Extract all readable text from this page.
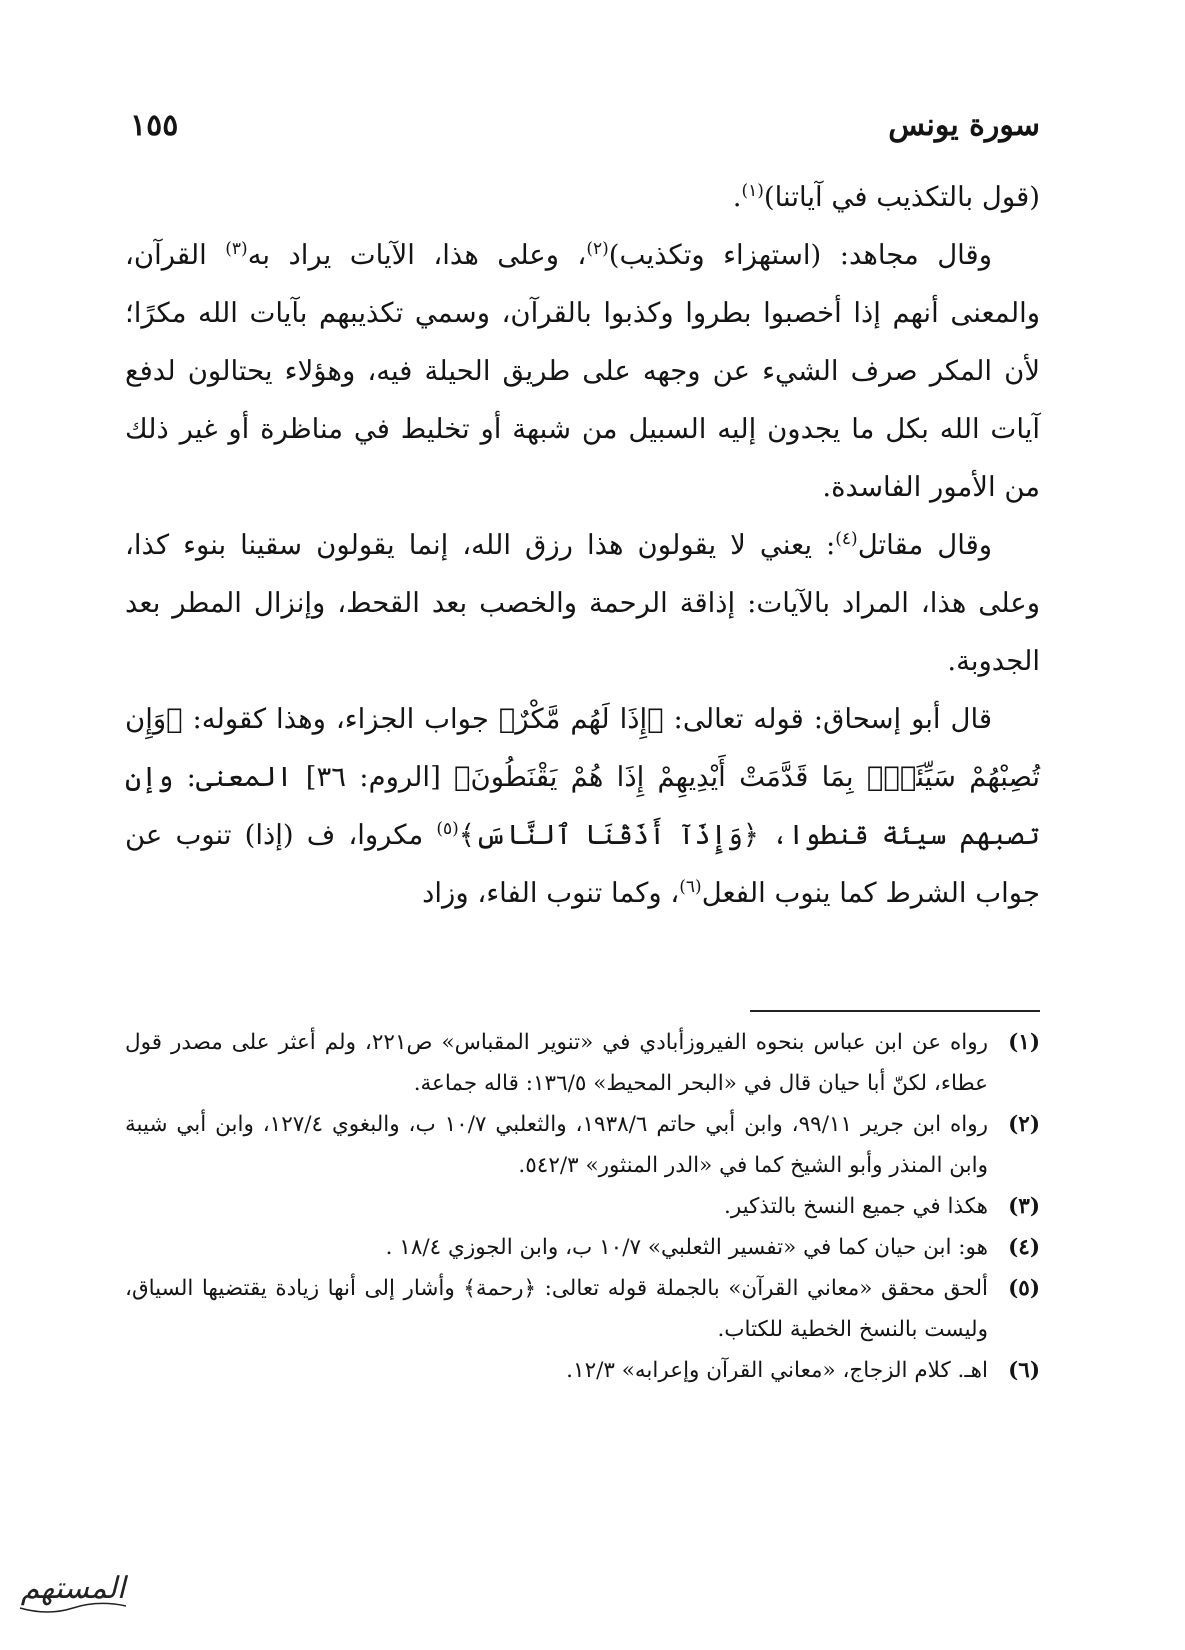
سورة يونس
١٥٥

(قول بالتكذيب في آياتنا)$^{(١)}$.

وقال مجاهد: (استهزاء وتكذيب)$^{(٢)}$، وعلى هذا، الآيات يراد به$^{(٣)}$ القرآن، والمعنى أنهم إذا أخصبوا بطروا وكذبوا بالقرآن، وسمي تكذيبهم بآيات الله مكرًا؛ لأن المكر صرف الشيء عن وجهه على طريق الحيلة فيه، وهؤلاء يحتالون لدفع آيات الله بكل ما يجدون إليه السبيل من شبهة أو تخليط في مناظرة أو غير ذلك من الأمور الفاسدة.

وقال مقاتل$^{(٤)}$: يعني لا يقولون هذا رزق الله، إنما يقولون سقينا بنوء كذا، وعلى هذا، المراد بالآيات: إذاقة الرحمة والخصب بعد القحط، وإنزال المطر بعد الجدوبة.

قال أبو إسحاق: قوله تعالى: ﴿إِذَا لَهُم مَّكْرٌ﴾ جواب الجزاء، وهذا كقوله: ﴿وَإِن تُصِبْهُمْ سَيِّئَةٌۢ بِمَا قَدَّمَتْ أَيْدِيهِمْ إِذَا هُمْ يَقْنَطُونَ﴾ [الروم: ٣٦] المعنى: وإن تصبهم سيئة قنطوا، ﴿وَإِذَآ أَذَقْنَا ٱلنَّاسَ﴾$^{(٥)}$ مكروا، ف (إذا) تنوب عن جواب الشرط كما ينوب الفعل$^{(٦)}$، وكما تنوب الفاء، وزاد

(١)
رواه عن ابن عباس بنحوه الفيروزأبادي في «تنوير المقباس» ص٢٢١، ولم أعثر على مصدر قول عطاء، لكنّ أبا حيان قال في «البحر المحيط» ١٣٦/٥: قاله جماعة.
(٢)
رواه ابن جرير ٩٩/١١، وابن أبي حاتم ١٩٣٨/٦، والثعلبي ١٠/٧ ب، والبغوي ١٢٧/٤، وابن أبي شيبة وابن المنذر وأبو الشيخ كما في «الدر المنثور» ٥٤٢/٣.
(٣)
هكذا في جميع النسخ بالتذكير.
(٤)
هو: ابن حيان كما في «تفسير الثعلبي» ١٠/٧ ب، وابن الجوزي ١٨/٤ .
(٥)
ألحق محقق «معاني القرآن» بالجملة قوله تعالى: ﴿رحمة﴾ وأشار إلى أنها زيادة يقتضيها السياق، وليست بالنسخ الخطية للكتاب.
(٦)
اهـ. كلام الزجاج، «معاني القرآن وإعرابه» ١٢/٣.
المستهم
